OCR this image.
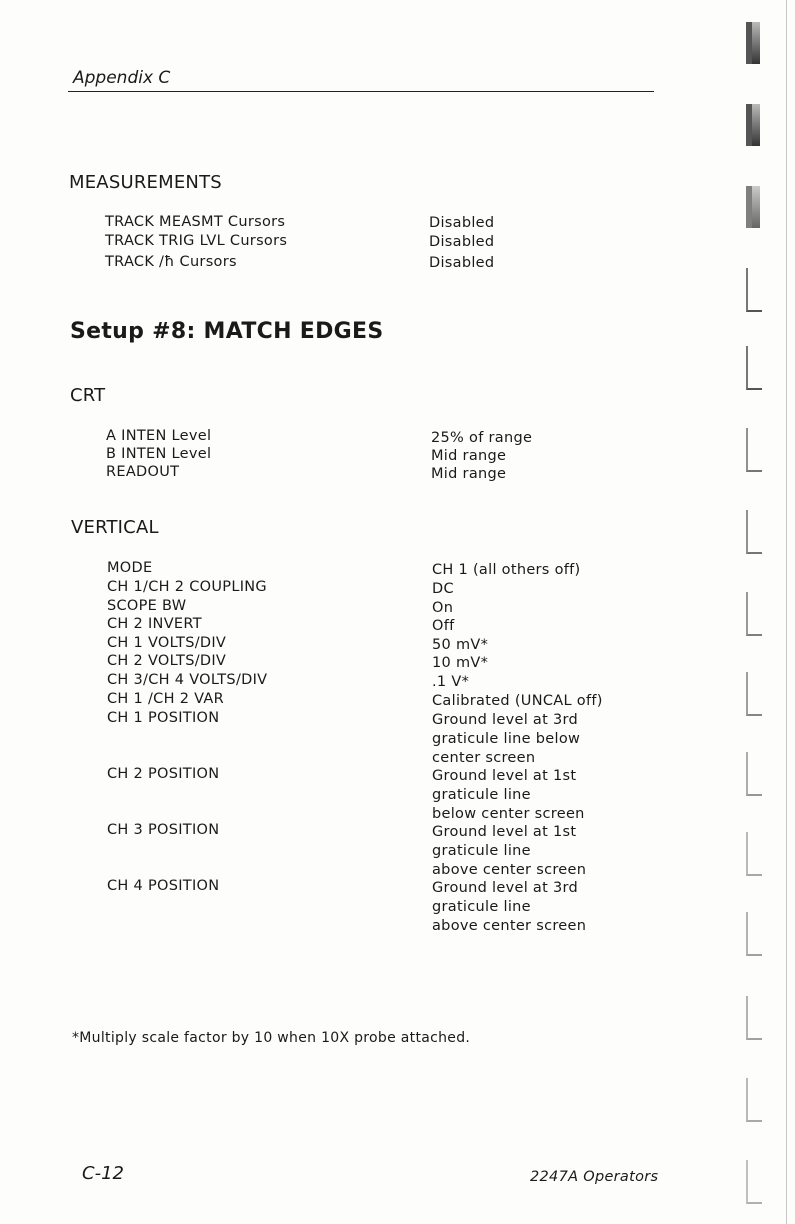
Appendix C
MEASUREMENTS
TRACK MEASMT Cursors	Disabled
TRACK TRIG LVL Cursors	Disabled
TRACK /ħ Cursors	Disabled
Setup #8: MATCH EDGES
CRT
A INTEN Level	25% of range
B INTEN Level	Mid range
READOUT	Mid range
VERTICAL
MODE	CH 1 (all others off)
CH 1/CH 2 COUPLING	DC
SCOPE BW	On
CH 2 INVERT	Off
CH 1 VOLTS/DIV	50 mV*
CH 2 VOLTS/DIV	10 mV*
CH 3/CH 4 VOLTS/DIV	.1 V*
CH 1 /CH 2 VAR	Calibrated (UNCAL off)
CH 1 POSITION	Ground level at 3rd
graticule line below
center screen
CH 2 POSITION	Ground level at 1st
graticule line
below center screen
CH 3 POSITION	Ground level at 1st
graticule line
above center screen
CH 4 POSITION	Ground level at 3rd
graticule line
above center screen
*Multiply scale factor by 10 when 10X probe attached.
C-12	2247A Operators
